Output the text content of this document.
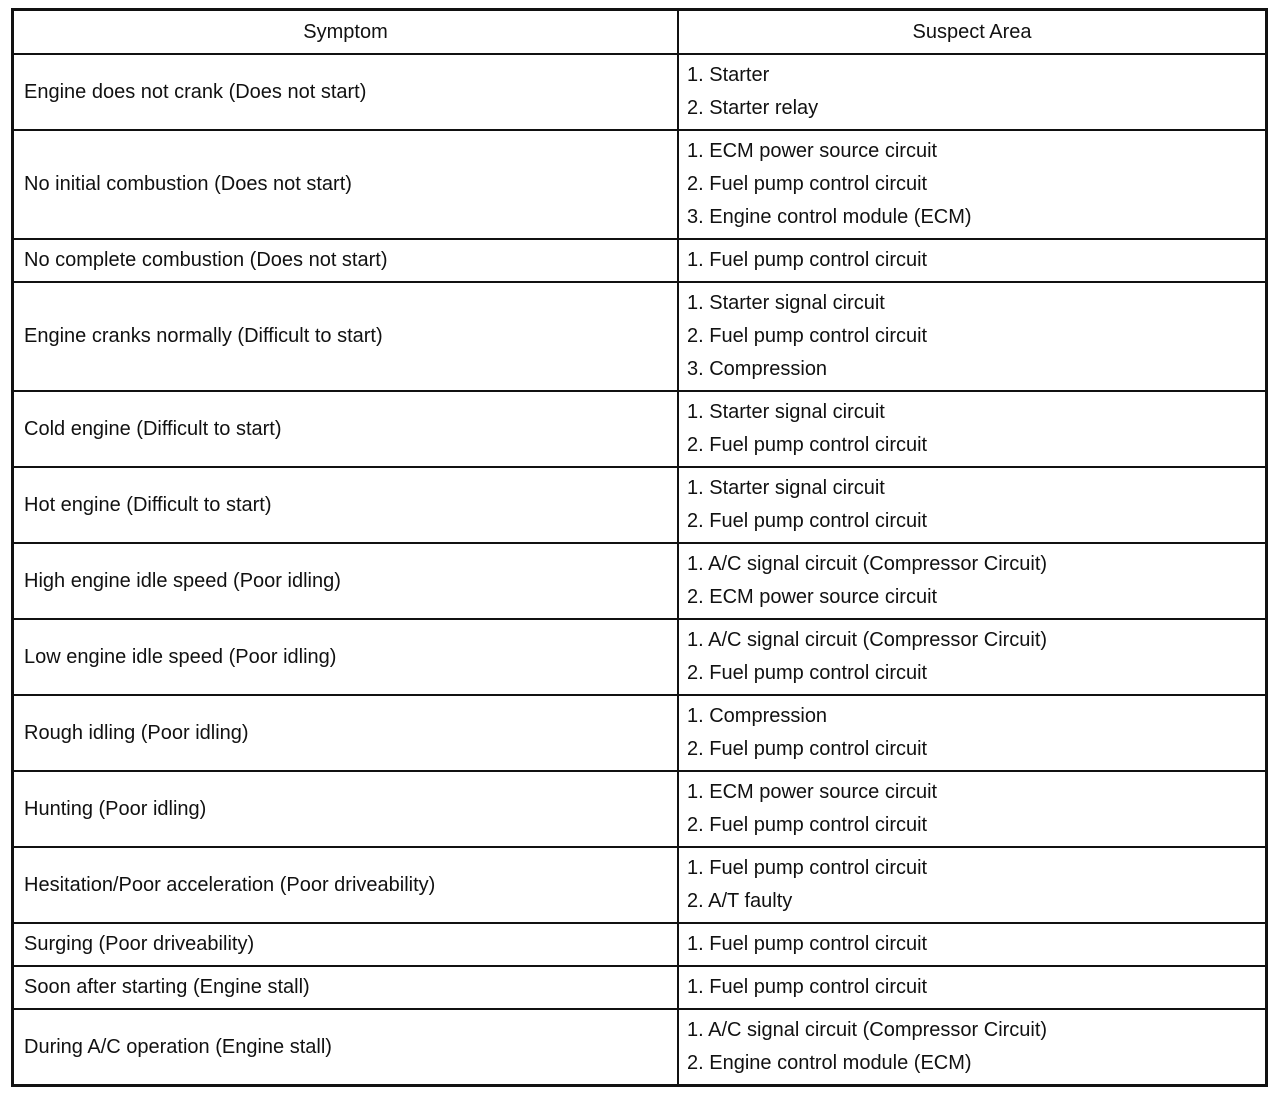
Symptom	Suspect Area
Engine does not crank (Does not start)	1. Starter
2. Starter relay

No initial combustion (Does not start)	1. ECM power source circuit
2. Fuel pump control circuit
3. Engine control module (ECM)

No complete combustion (Does not start)	1. Fuel pump control circuit

Engine cranks normally (Difficult to start)	1. Starter signal circuit
2. Fuel pump control circuit
3. Compression

Cold engine (Difficult to start)	1. Starter signal circuit
2. Fuel pump control circuit

Hot engine (Difficult to start)	1. Starter signal circuit
2. Fuel pump control circuit

High engine idle speed (Poor idling)	1. A/C signal circuit (Compressor Circuit)
2. ECM power source circuit

Low engine idle speed (Poor idling)	1. A/C signal circuit (Compressor Circuit)
2. Fuel pump control circuit

Rough idling (Poor idling)	1. Compression
2. Fuel pump control circuit

Hunting (Poor idling)	1. ECM power source circuit
2. Fuel pump control circuit

Hesitation/Poor acceleration (Poor driveability)	1. Fuel pump control circuit
2. A/T faulty

Surging (Poor driveability)	1. Fuel pump control circuit

Soon after starting (Engine stall)	1. Fuel pump control circuit

During A/C operation (Engine stall)	1. A/C signal circuit (Compressor Circuit)
2. Engine control module (ECM)
